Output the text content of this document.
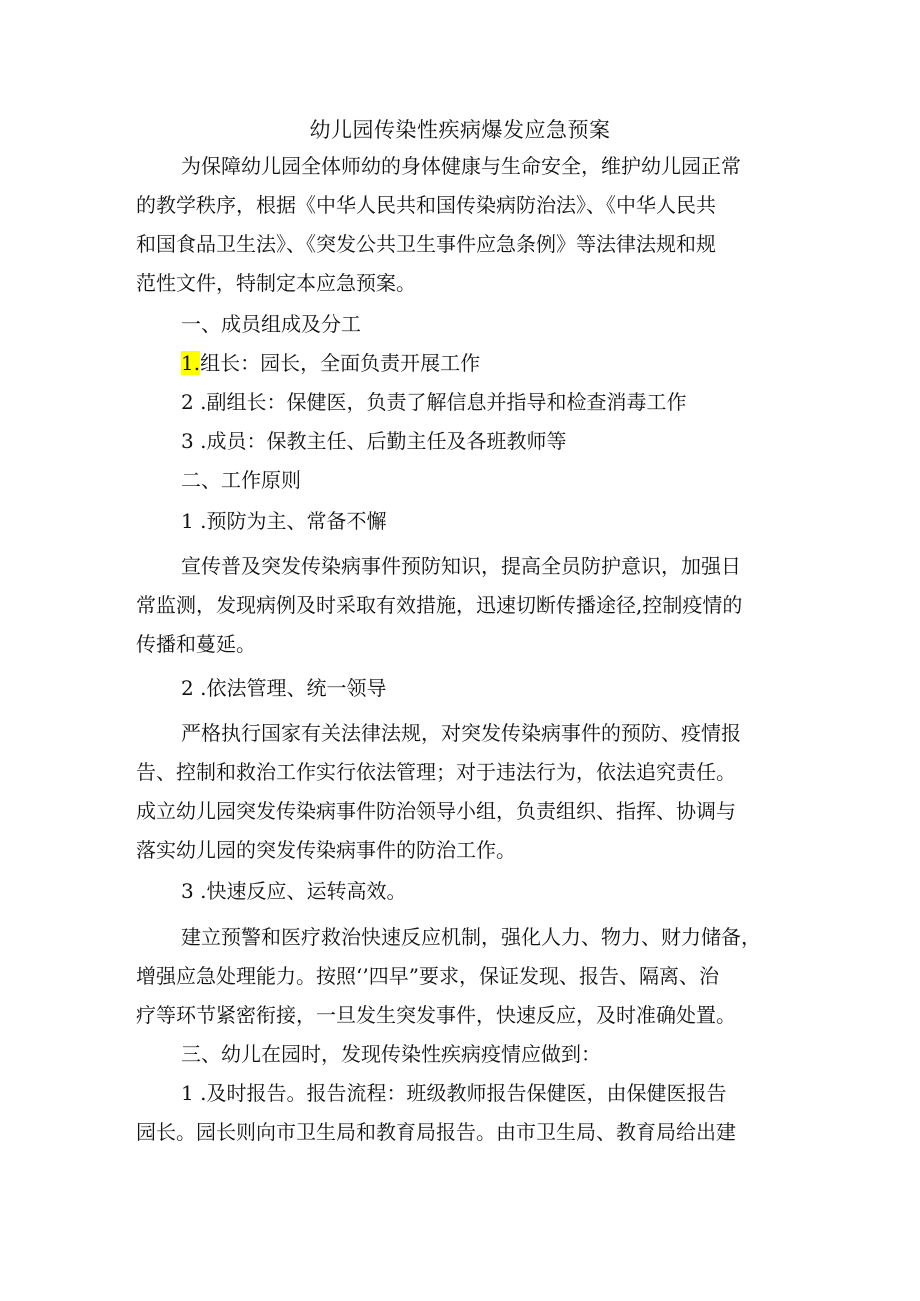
幼儿园传染性疾病爆发应急预案

为保障幼儿园全体师幼的身体健康与生命安全，维护幼儿园正常

的教学秩序，根据《中华人民共和国传染病防治法》、《中华人民共

和国食品卫生法》、《突发公共卫生事件应急条例》等法律法规和规

范性文件，特制定本应急预案。

一、成员组成及分工

1.组长：园长，全面负责开展工作

2 .副组长：保健医，负责了解信息并指导和检查消毒工作

3 .成员：保教主任、后勤主任及各班教师等

二、工作原则

1 .预防为主、常备不懈

宣传普及突发传染病事件预防知识，提高全员防护意识，加强日

常监测，发现病例及时采取有效措施，迅速切断传播途径,控制疫情的

传播和蔓延。

2 .依法管理、统一领导

严格执行国家有关法律法规，对突发传染病事件的预防、疫情报

告、控制和救治工作实行依法管理；对于违法行为，依法追究责任。

成立幼儿园突发传染病事件防治领导小组，负责组织、指挥、协调与

落实幼儿园的突发传染病事件的防治工作。

3 .快速反应、运转高效。

建立预警和医疗救治快速反应机制，强化人力、物力、财力储备，

增强应急处理能力。按照‘’四早”要求，保证发现、报告、隔离、治

疗等环节紧密衔接，一旦发生突发事件，快速反应，及时准确处置。

三、幼儿在园时，发现传染性疾病疫情应做到：

1 .及时报告。报告流程：班级教师报告保健医，由保健医报告

园长。园长则向市卫生局和教育局报告。由市卫生局、教育局给出建
